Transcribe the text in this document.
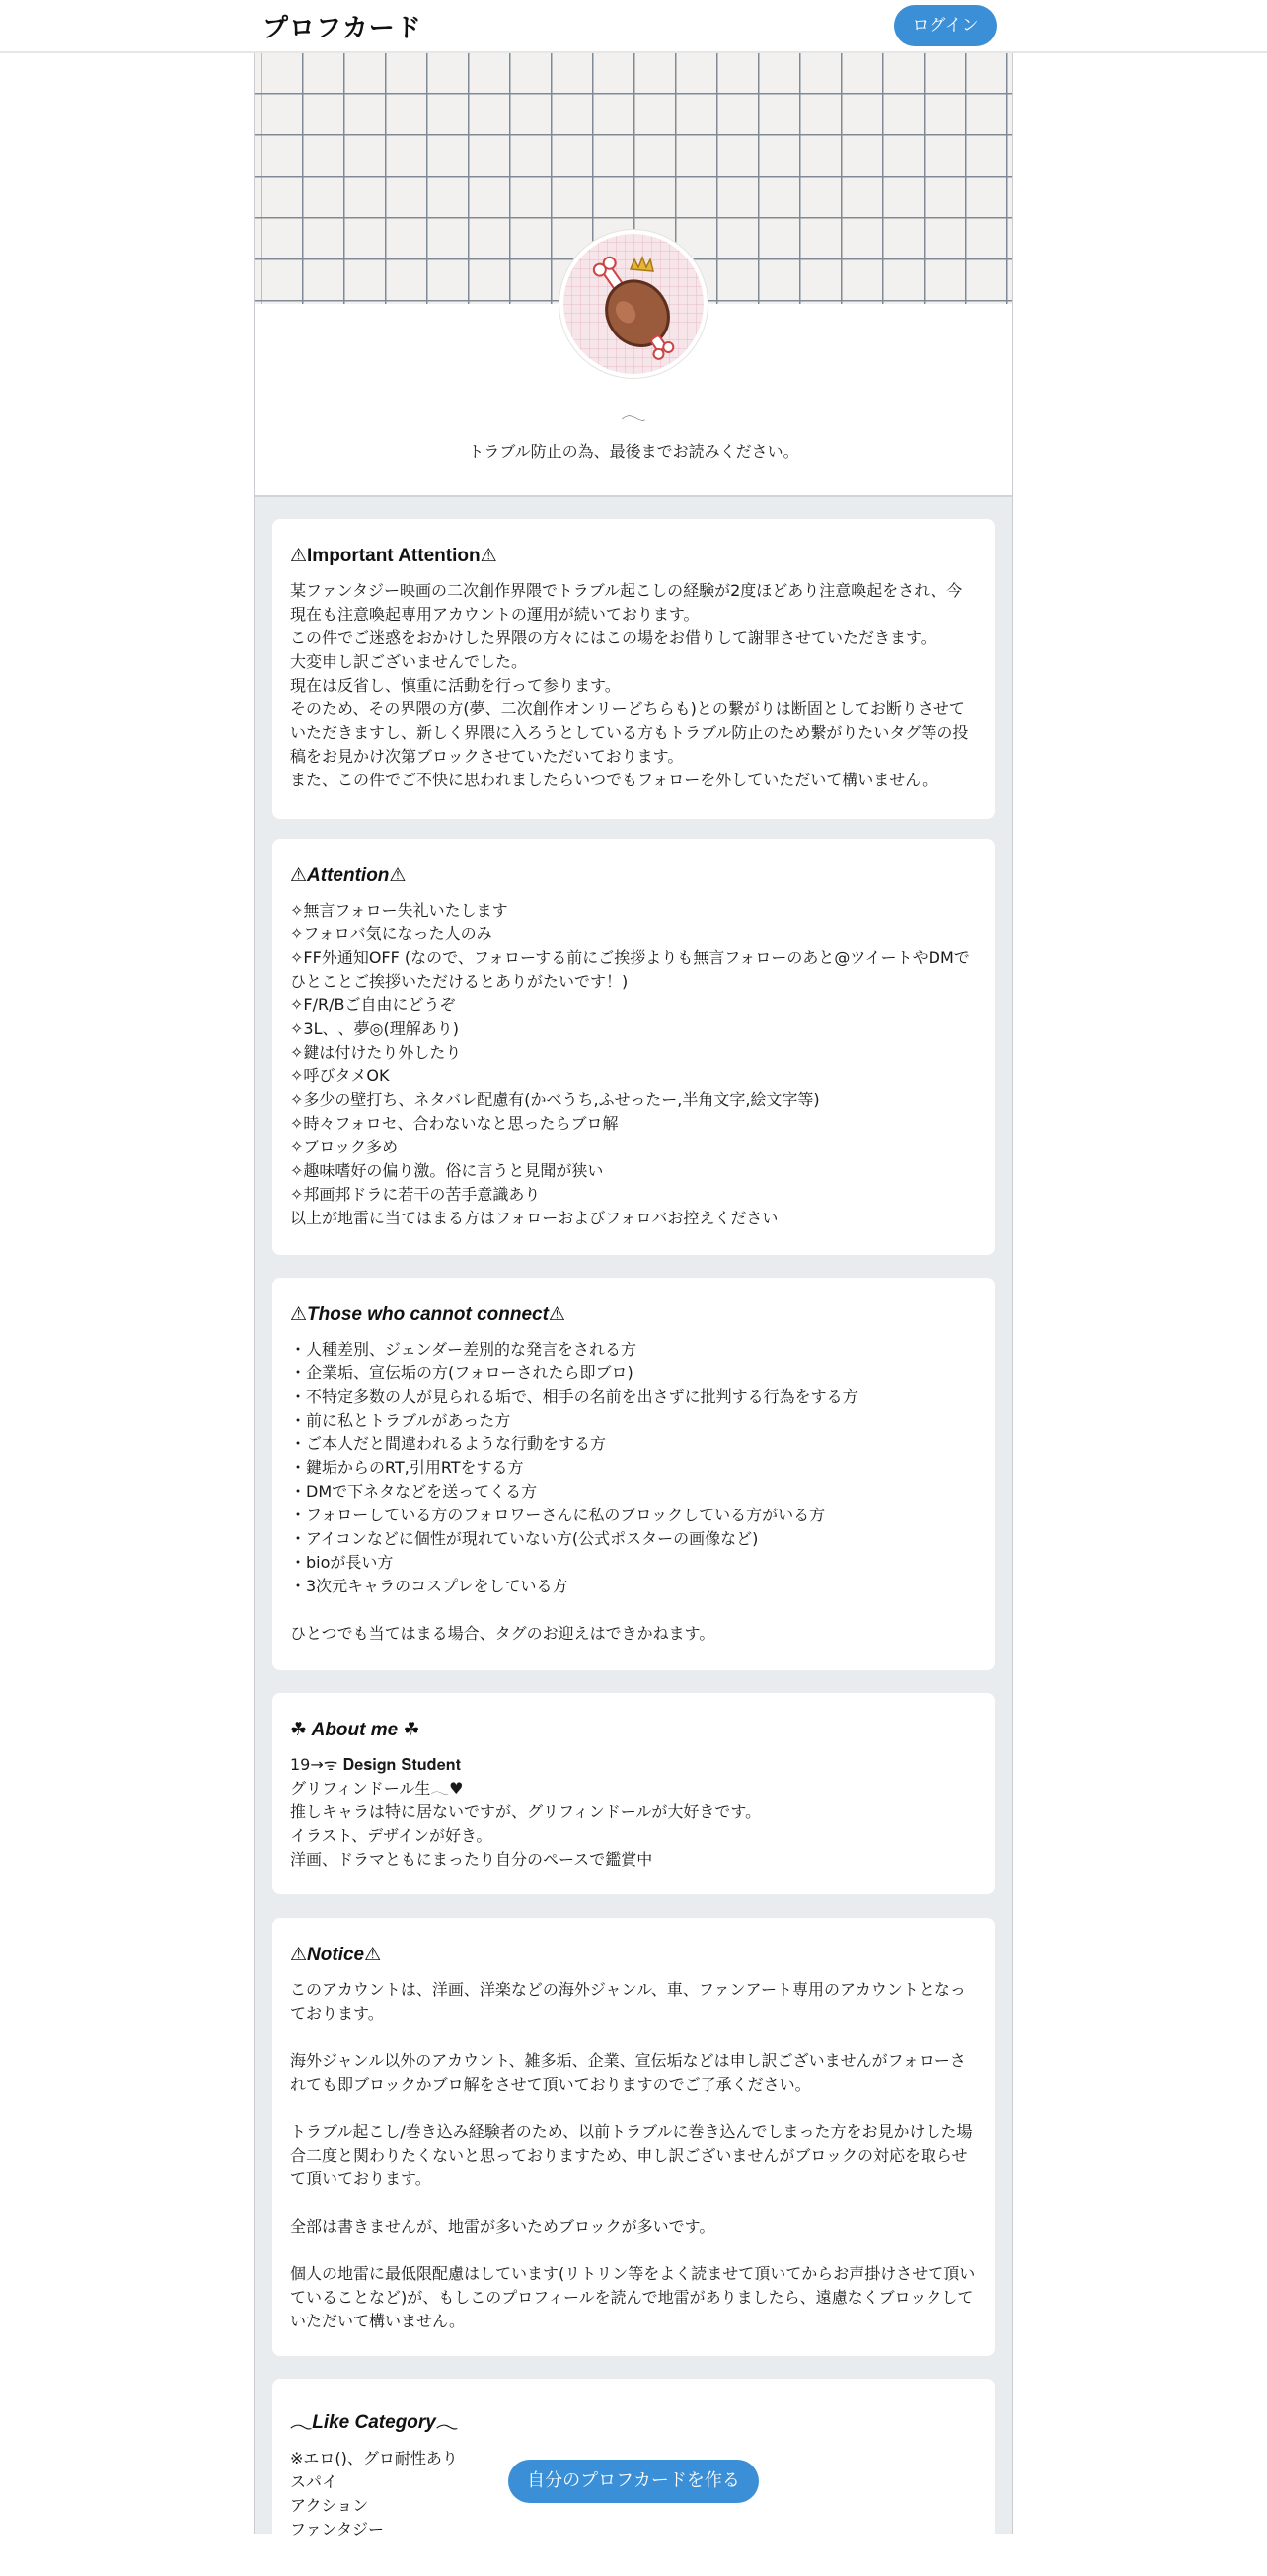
プロフカード	ログイン
𓂃
トラブル防止の為、最後までお読みください。
⚠Important Attention⚠

某ファンタジー映画の二次創作界隈でトラブル起こしの経験が2度ほどあり注意喚起をされ、今現在も注意喚起専用アカウントの運用が続いております。
この件でご迷惑をおかけした界隈の方々にはこの場をお借りして謝罪させていただきます。
大変申し訳ございませんでした。
現在は反省し、慎重に活動を行って参ります。
そのため、その界隈の方(夢、二次創作オンリーどちらも)との繋がりは断固としてお断りさせていただきますし、新しく界隈に入ろうとしている方もトラブル防止のため繋がりたいタグ等の投稿をお見かけ次第ブロックさせていただいております。
また、この件でご不快に思われましたらいつでもフォローを外していただいて構いません。

⚠Attention⚠

✧無言フォロー失礼いたします
✧フォロバ気になった人のみ
✧FF外通知OFF (なので、フォローする前にご挨拶よりも無言フォローのあと@ツイートやDMでひとことご挨拶いただけるとありがたいです！)
✧F/R/Bご自由にどうぞ
✧3L、︎︎︎︎︎︎︎︎︎︎︎︎︎︎︎︎︎︎、夢◎(理解あり)
✧鍵は付けたり外したり
✧呼びタメOK
✧多少の壁打ち、ネタバレ配慮有(かべうち,ふせったー,半角文字,絵文字等)
✧時々フォロセ、合わないなと思ったらブロ解
✧ブロック多め
✧趣味嗜好の偏り激。俗に言うと見聞が狭い
✧邦画邦ドラに若干の苦手意識あり
以上が地雷に当てはまる方はフォローおよびフォロバお控えください

⚠Those who cannot connect⚠

・人種差別、ジェンダー差別的な発言をされる方
・企業垢、宣伝垢の方(フォローされたら即ブロ)
・不特定多数の人が見られる垢で、相手の名前を出さずに批判する行為をする方
・前に私とトラブルがあった方
・ご本人だと間違われるような行動をする方
・鍵垢からのRT,引用RTをする方
・DMで下ネタなどを送ってくる方
・フォローしている方のフォロワーさんに私のブロックしている方がいる方
・アイコンなどに個性が現れていない方(公式ポスターの画像など)
・bioが長い方
・3次元キャラのコスプレをしている方

ひとつでも当てはまる場合、タグのお迎えはできかねます。

☘ About me ☘

19→ᯤ 𝐃𝐞𝐬𝐢𝐠𝐧 𝐒𝐭𝐮𝐝𝐞𝐧𝐭
グリフィンドール生𓂃♥
推しキャラは特に居ないですが、グリフィンドールが大好きです。
イラスト、デザインが好き。
洋画、ドラマともにまったり自分のペースで鑑賞中

⚠Notice⚠

このアカウントは、洋画、洋楽などの海外ジャンル、車、ファンアート専用のアカウントとなっております。

海外ジャンル以外のアカウント、雑多垢、企業、宣伝垢などは申し訳ございませんがフォローされても即ブロックかブロ解をさせて頂いておりますのでご了承ください。

トラブル起こし/巻き込み経験者のため、以前トラブルに巻き込んでしまった方をお見かけした場合二度と関わりたくないと思っておりますため、申し訳ございませんがブロックの対応を取らせて頂いております。

全部は書きませんが、地雷が多いためブロックが多いです。

個人の地雷に最低限配慮はしています(リトリン等をよく読ませて頂いてからお声掛けさせて頂いていることなど)が、もしこのプロフィールを読んで地雷がありましたら、遠慮なくブロックしていただいて構いません。

𓂃Like Category𓂃

※エロ(︎︎︎︎︎︎︎︎︎︎︎︎︎︎︎︎︎︎)、グロ耐性あり
スパイ
アクション
ファンタジー

自分のプロフカードを作る
